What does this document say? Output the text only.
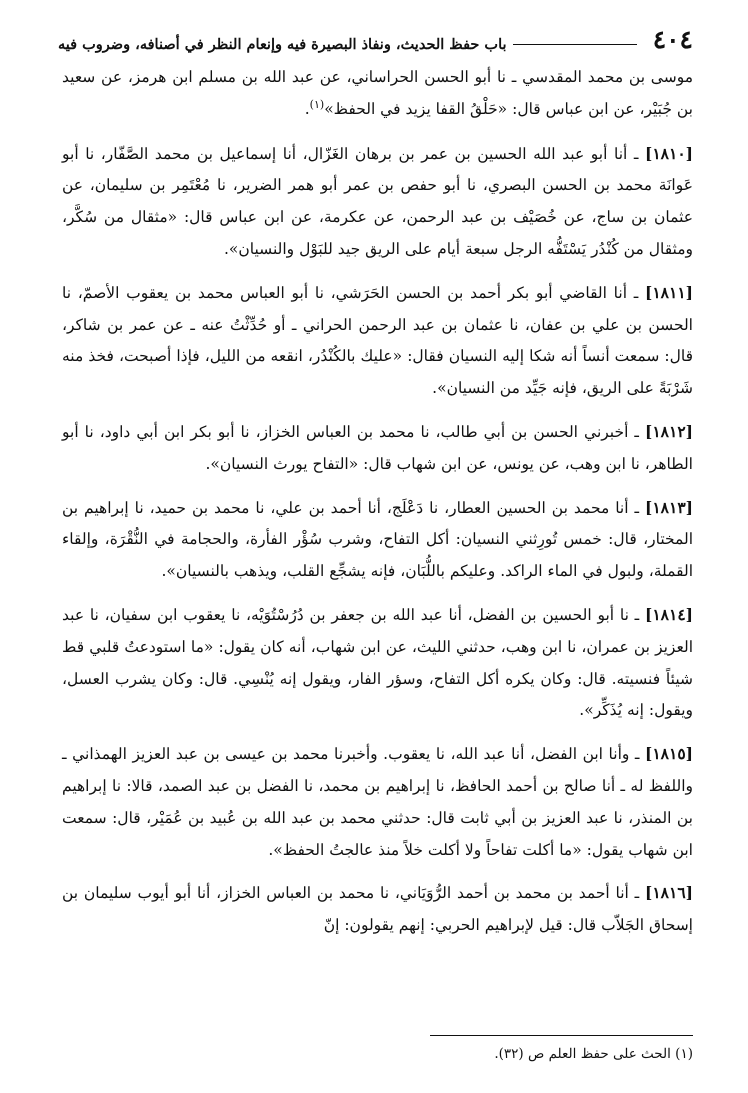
٤٠٤
باب حفظ الحديث، ونفاذ البصيرة فيه وإنعام النظر في أصنافه، وضروب فيه

موسى بن محمد المقدسي ـ نا أبو الحسن الحراساني، عن عبد الله بن مسلم ابن هرمز، عن سعيد بن جُبَيْر، عن ابن عباس قال: «حَلْقُ القفا يزيد في الحفظ»$^{(١)}$.

[١٨١٠] ـ أنا أبو عبد الله الحسين بن عمر بن برهان الغَزّال، أنا إسماعيل بن محمد الصَّفّار، نا أبو عَوانَة محمد بن الحسن البصري، نا أبو حفص بن عمر أبو همر الضرير، نا مُعْتَمِر بن سليمان، عن عثمان بن ساج، عن خُصَيْف بن عبد الرحمن، عن عكرمة، عن ابن عباس قال: «مثقال من سُكَّر، ومثقال من كُنْدُر يَسْتَفُّه الرجل سبعة أيام على الريق جيد للبَوْل والنسيان».

[١٨١١] ـ أنا القاضي أبو بكر أحمد بن الحسن الحَرَشي، نا أبو العباس محمد بن يعقوب الأصمّ، نا الحسن بن علي بن عفان، نا عثمان بن عبد الرحمن الحراني ـ أو حُدِّثْتُ عنه ـ عن عمر بن شاكر، قال: سمعت أنساً أنه شكا إليه النسيان فقال: «عليك بالكُنْدُر، انقعه من الليل، فإذا أصبحت، فخذ منه شَرْبَةً على الريق، فإنه جَيِّد من النسيان».

[١٨١٢] ـ أخبرني الحسن بن أبي طالب، نا محمد بن العباس الخزاز، نا أبو بكر ابن أبي داود، نا أبو الطاهر، نا ابن وهب، عن يونس، عن ابن شهاب قال: «التفاح يورث النسيان».

[١٨١٣] ـ أنا محمد بن الحسين العطار، نا دَعْلَج، أنا أحمد بن علي، نا محمد بن حميد، نا إبراهيم بن المختار، قال: خمس تُورِثني النسيان: أكل التفاح، وشرب سُؤْر الفأرة، والحجامة في النُّقْرَة، وإلقاء القملة، ولبول في الماء الراكد. وعليكم باللُّبَان، فإنه يشجِّع القلب، ويذهب بالنسيان».

[١٨١٤] ـ نا أبو الحسين بن الفضل، أنا عبد الله بن جعفر بن دُرُسْتُوَيْه، نا يعقوب ابن سفيان، نا عبد العزيز بن عمران، نا ابن وهب، حدثني الليث، عن ابن شهاب، أنه كان يقول: «ما استودعتُ قلبي قط شيئاً فنسيته. قال: وكان يكره أكل التفاح، وسؤر الفار، ويقول إنه يُنْسِي. قال: وكان يشرب العسل، ويقول: إنه يُذَكِّر».

[١٨١٥] ـ وأنا ابن الفضل، أنا عبد الله، نا يعقوب. وأخبرنا محمد بن عيسى بن عبد العزيز الهمذاني ـ واللفظ له ـ أنا صالح بن أحمد الحافظ، نا إبراهيم بن محمد، نا الفضل بن عبد الصمد، قالا: نا إبراهيم بن المنذر، نا عبد العزيز بن أبي ثابت قال: حدثني محمد بن عبد الله بن عُبيد بن عُمَيْر، قال: سمعت ابن شهاب يقول: «ما أكلت تفاحاً ولا أكلت خلاً منذ عالجتُ الحفظ».

[١٨١٦] ـ أنا أحمد بن محمد بن أحمد الرُّوَيَاني، نا محمد بن العباس الخزاز، أنا أبو أيوب سليمان بن إسحاق الجَلاّب قال: قيل لإبراهيم الحربي: إنهم يقولون: إنّ

(١) الحث على حفظ العلم ص (٣٢).
